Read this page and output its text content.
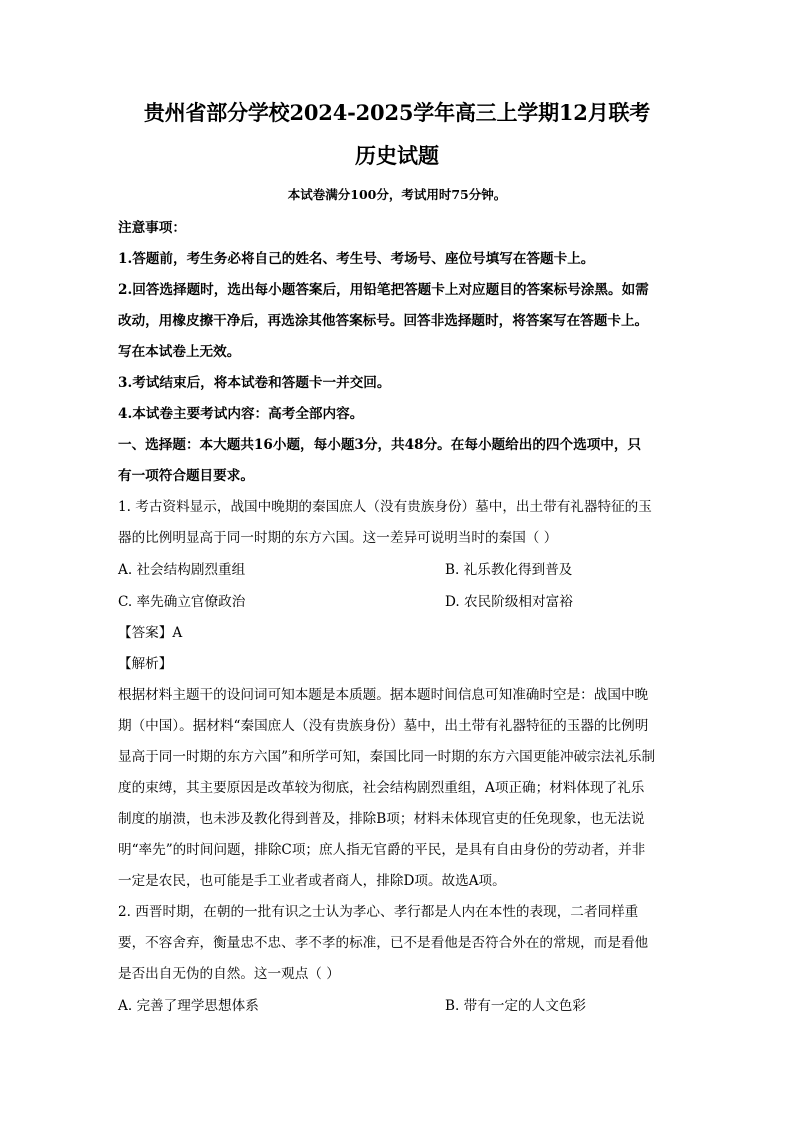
贵州省部分学校2024-2025学年高三上学期12月联考
历史试题
本试卷满分100分，考试用时75分钟。
注意事项：
1.答题前，考生务必将自己的姓名、考生号、考场号、座位号填写在答题卡上。
2.回答选择题时，选出每小题答案后，用铅笔把答题卡上对应题目的答案标号涂黑。如需
改动，用橡皮擦干净后，再选涂其他答案标号。回答非选择题时，将答案写在答题卡上。
写在本试卷上无效。
3.考试结束后，将本试卷和答题卡一并交回。
4.本试卷主要考试内容：高考全部内容。
一、选择题：本大题共16小题，每小题3分，共48分。在每小题给出的四个选项中，只
有一项符合题目要求。
1. 考古资料显示，战国中晚期的秦国庶人（没有贵族身份）墓中，出土带有礼器特征的玉
器的比例明显高于同一时期的东方六国。这一差异可说明当时的秦国（ ）
A. 社会结构剧烈重组	B. 礼乐教化得到普及
C. 率先确立官僚政治	D. 农民阶级相对富裕
【答案】A
【解析】
根据材料主题干的设问词可知本题是本质题。据本题时间信息可知准确时空是：战国中晚
期（中国）。据材料“秦国庶人（没有贵族身份）墓中，出土带有礼器特征的玉器的比例明
显高于同一时期的东方六国”和所学可知，秦国比同一时期的东方六国更能冲破宗法礼乐制
度的束缚，其主要原因是改革较为彻底，社会结构剧烈重组，A项正确；材料体现了礼乐
制度的崩溃，也未涉及教化得到普及，排除B项；材料未体现官吏的任免现象，也无法说
明“率先”的时间问题，排除C项；庶人指无官爵的平民，是具有自由身份的劳动者，并非
一定是农民，也可能是手工业者或者商人，排除D项。故选A项。
2. 西晋时期，在朝的一批有识之士认为孝心、孝行都是人内在本性的表现，二者同样重
要，不容舍弃，衡量忠不忠、孝不孝的标准，已不是看他是否符合外在的常规，而是看他
是否出自无伪的自然。这一观点（ ）
A. 完善了理学思想体系	B. 带有一定的人文色彩
